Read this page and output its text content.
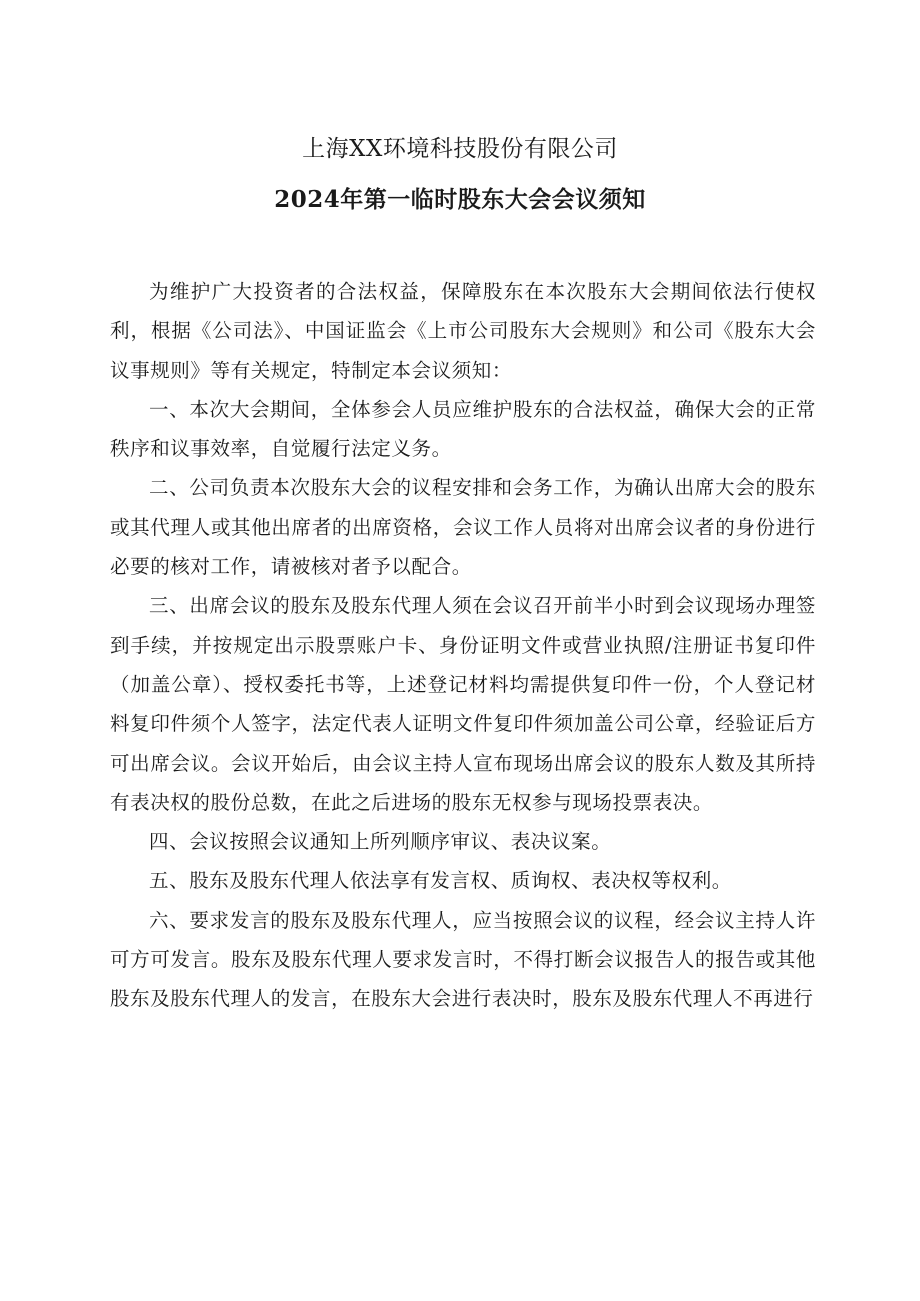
上海XX环境科技股份有限公司
2024年第一临时股东大会会议须知

为维护广大投资者的合法权益，保障股东在本次股东大会期间依法行使权利，根据《公司法》、中国证监会《上市公司股东大会规则》和公司《股东大会议事规则》等有关规定，特制定本会议须知：

一、本次大会期间，全体参会人员应维护股东的合法权益，确保大会的正常秩序和议事效率，自觉履行法定义务。

二、公司负责本次股东大会的议程安排和会务工作，为确认出席大会的股东或其代理人或其他出席者的出席资格，会议工作人员将对出席会议者的身份进行必要的核对工作，请被核对者予以配合。

三、出席会议的股东及股东代理人须在会议召开前半小时到会议现场办理签到手续，并按规定出示股票账户卡、身份证明文件或营业执照/注册证书复印件（加盖公章）、授权委托书等，上述登记材料均需提供复印件一份，个人登记材料复印件须个人签字，法定代表人证明文件复印件须加盖公司公章，经验证后方可出席会议。会议开始后，由会议主持人宣布现场出席会议的股东人数及其所持有表决权的股份总数，在此之后进场的股东无权参与现场投票表决。

四、会议按照会议通知上所列顺序审议、表决议案。

五、股东及股东代理人依法享有发言权、质询权、表决权等权利。

六、要求发言的股东及股东代理人，应当按照会议的议程，经会议主持人许可方可发言。股东及股东代理人要求发言时，不得打断会议报告人的报告或其他股东及股东代理人的发言，在股东大会进行表决时，股东及股东代理人不再进行
